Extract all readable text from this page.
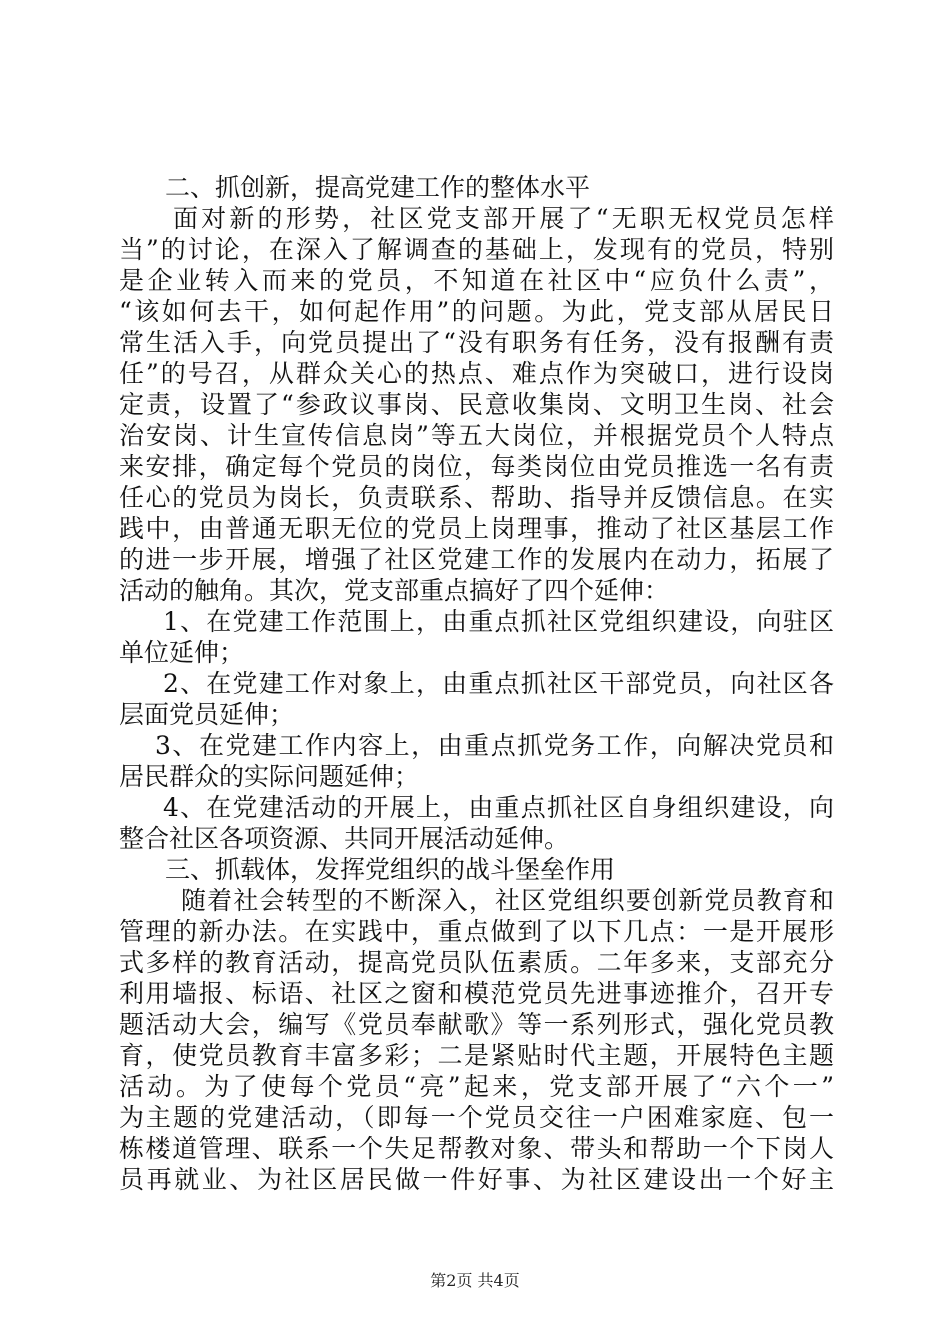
二、抓创新，提高党建工作的整体水平
面对新的形势，社区党支部开展了“无职无权党员怎样
当”的讨论，在深入了解调查的基础上，发现有的党员，特别
是企业转入而来的党员，不知道在社区中“应负什么责”，
“该如何去干，如何起作用”的问题。为此，党支部从居民日
常生活入手，向党员提出了“没有职务有任务，没有报酬有责
任”的号召，从群众关心的热点、难点作为突破口，进行设岗
定责，设置了“参政议事岗、民意收集岗、文明卫生岗、社会
治安岗、计生宣传信息岗”等五大岗位，并根据党员个人特点
来安排，确定每个党员的岗位，每类岗位由党员推选一名有责
任心的党员为岗长，负责联系、帮助、指导并反馈信息。在实
践中，由普通无职无位的党员上岗理事，推动了社区基层工作
的进一步开展，增强了社区党建工作的发展内在动力，拓展了
活动的触角。其次，党支部重点搞好了四个延伸：
1、在党建工作范围上，由重点抓社区党组织建设，向驻区
单位延伸；
2、在党建工作对象上，由重点抓社区干部党员，向社区各
层面党员延伸；
3、在党建工作内容上，由重点抓党务工作，向解决党员和
居民群众的实际问题延伸；
4、在党建活动的开展上，由重点抓社区自身组织建设，向
整合社区各项资源、共同开展活动延伸。
三、抓载体，发挥党组织的战斗堡垒作用
随着社会转型的不断深入，社区党组织要创新党员教育和
管理的新办法。在实践中，重点做到了以下几点：一是开展形
式多样的教育活动，提高党员队伍素质。二年多来，支部充分
利用墙报、标语、社区之窗和模范党员先进事迹推介，召开专
题活动大会，编写《党员奉献歌》等一系列形式，强化党员教
育，使党员教育丰富多彩；二是紧贴时代主题，开展特色主题
活动。为了使每个党员“亮”起来，党支部开展了“六个一”
为主题的党建活动，（即每一个党员交往一户困难家庭、包一
栋楼道管理、联系一个失足帮教对象、带头和帮助一个下岗人
员再就业、为社区居民做一件好事、为社区建设出一个好主
第2页 共4页
